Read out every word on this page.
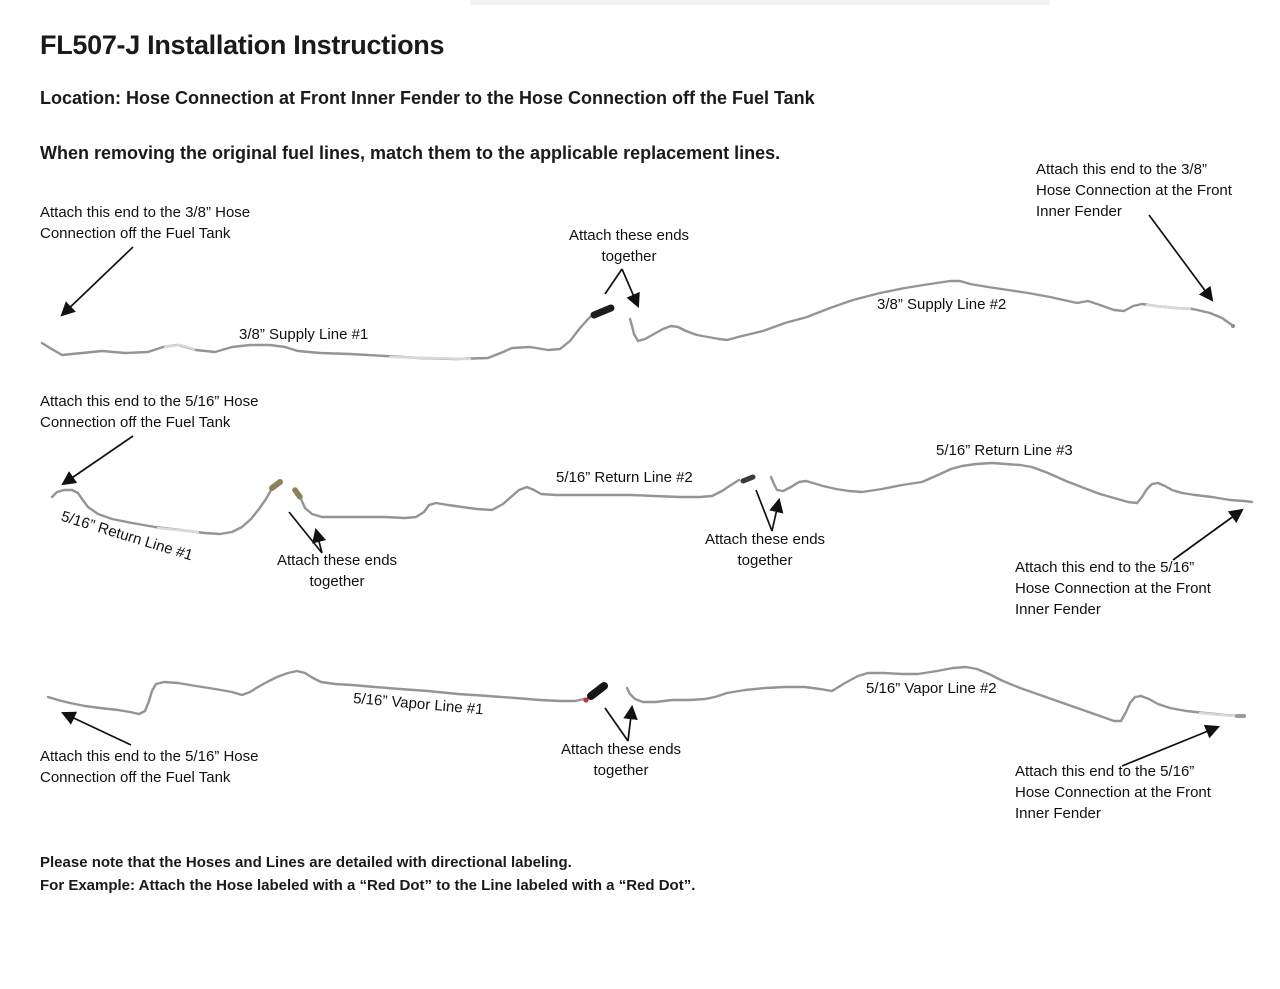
FL507-J Installation Instructions
Location: Hose Connection at Front Inner Fender to the Hose Connection off the Fuel Tank
When removing the original fuel lines, match them to the applicable replacement lines.
Attach this end to the 3/8” Hose
Connection off the Fuel Tank	Attach these ends
together
Attach this end to the 3/8”
Hose Connection at the Front
Inner Fender
Attach this end to the 5/16” Hose
Connection off the Fuel Tank
Attach these ends
together
Attach these ends
together	Attach this end to the 5/16”
Hose Connection at the Front
Inner Fender
Attach this end to the 5/16” Hose
Connection off the Fuel Tank
Attach these ends
together	Attach this end to the 5/16”
Hose Connection at the Front
Inner Fender
3/8” Supply Line #1
3/8” Supply Line #2
5/16” Return Line #1
5/16” Return Line #2
5/16” Return Line #3
5/16” Vapor Line #1
5/16” Vapor Line #2
Please note that the Hoses and Lines are detailed with directional labeling.
For Example: Attach the Hose labeled with a “Red Dot” to the Line labeled with a “Red Dot”.
